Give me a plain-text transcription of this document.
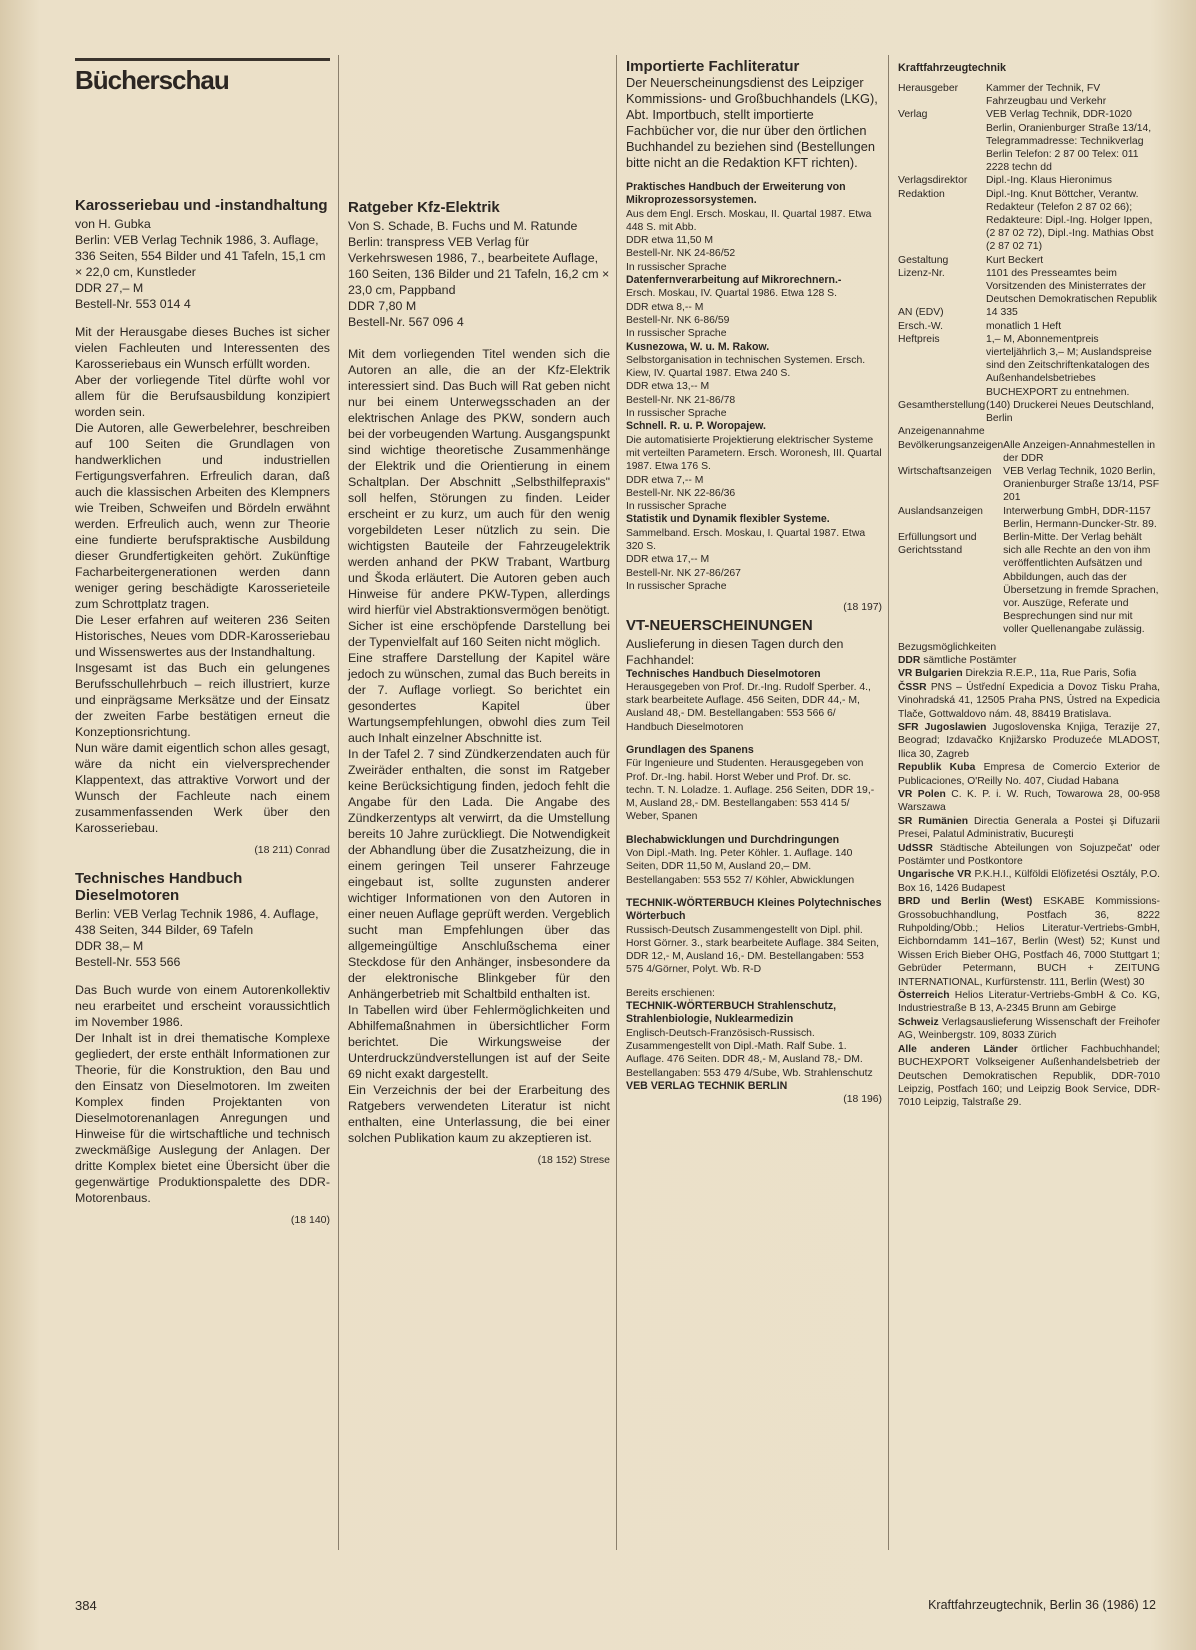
Bücherschau
Karosseriebau und -instandhaltung
von H. Gubka
Berlin: VEB Verlag Technik 1986, 3. Auflage, 336 Seiten, 554 Bilder und 41 Tafeln, 15,1 cm × 22,0 cm, Kunstleder
DDR 27,– M
Bestell-Nr. 553 014 4

Mit der Herausgabe dieses Buches ist sicher vielen Fachleuten und Interessenten des Karosseriebaus ein Wunsch erfüllt worden.

Aber der vorliegende Titel dürfte wohl vor allem für die Berufsausbildung konzipiert worden sein.

Die Autoren, alle Gewerbelehrer, beschreiben auf 100 Seiten die Grundlagen von handwerklichen und industriellen Fertigungsverfahren. Erfreulich daran, daß auch die klassischen Arbeiten des Klempners wie Treiben, Schweifen und Bördeln erwähnt werden. Erfreulich auch, wenn zur Theorie eine fundierte berufspraktische Ausbildung dieser Grundfertigkeiten gehört. Zukünftige Facharbeitergenerationen werden dann weniger gering beschädigte Karosserieteile zum Schrottplatz tragen.

Die Leser erfahren auf weiteren 236 Seiten Historisches, Neues vom DDR-Karosseriebau und Wissenswertes aus der Instandhaltung.

Insgesamt ist das Buch ein gelungenes Berufsschullehrbuch – reich illustriert, kurze und einprägsame Merksätze und der Einsatz der zweiten Farbe bestätigen erneut die Konzeptionsrichtung.

Nun wäre damit eigentlich schon alles gesagt, wäre da nicht ein vielversprechender Klappentext, das attraktive Vorwort und der Wunsch der Fachleute nach einem zusammenfassenden Werk über den Karosseriebau.

(18 211) Conrad
Technisches Handbuch Dieselmotoren
Berlin: VEB Verlag Technik 1986, 4. Auflage, 438 Seiten, 344 Bilder, 69 Tafeln
DDR 38,– M
Bestell-Nr. 553 566

Das Buch wurde von einem Autorenkollektiv neu erarbeitet und erscheint voraussichtlich im November 1986.

Der Inhalt ist in drei thematische Komplexe gegliedert, der erste enthält Informationen zur Theorie, für die Konstruktion, den Bau und den Einsatz von Dieselmotoren. Im zweiten Komplex finden Projektanten von Dieselmotorenanlagen Anregungen und Hinweise für die wirtschaftliche und technisch zweckmäßige Auslegung der Anlagen. Der dritte Komplex bietet eine Übersicht über die gegenwärtige Produktionspalette des DDR-Motorenbaus.

(18 140)
Ratgeber Kfz-Elektrik
Von S. Schade, B. Fuchs und M. Ratunde
Berlin: transpress VEB Verlag für Verkehrswesen 1986, 7., bearbeitete Auflage, 160 Seiten, 136 Bilder und 21 Tafeln, 16,2 cm × 23,0 cm, Pappband
DDR 7,80 M
Bestell-Nr. 567 096 4

Mit dem vorliegenden Titel wenden sich die Autoren an alle, die an der Kfz-Elektrik interessiert sind. Das Buch will Rat geben nicht nur bei einem Unterwegsschaden an der elektrischen Anlage des PKW, sondern auch bei der vorbeugenden Wartung. Ausgangspunkt sind wichtige theoretische Zusammenhänge der Elektrik und die Orientierung in einem Schaltplan. Der Abschnitt „Selbsthilfepraxis" soll helfen, Störungen zu finden. Leider erscheint er zu kurz, um auch für den wenig vorgebildeten Leser nützlich zu sein. Die wichtigsten Bauteile der Fahrzeugelektrik werden anhand der PKW Trabant, Wartburg und Škoda erläutert. Die Autoren geben auch Hinweise für andere PKW-Typen, allerdings wird hierfür viel Abstraktionsvermögen benötigt. Sicher ist eine erschöpfende Darstellung bei der Typenvielfalt auf 160 Seiten nicht möglich.

Eine straffere Darstellung der Kapitel wäre jedoch zu wünschen, zumal das Buch bereits in der 7. Auflage vorliegt. So berichtet ein gesondertes Kapitel über Wartungsempfehlungen, obwohl dies zum Teil auch Inhalt einzelner Abschnitte ist.

In der Tafel 2. 7 sind Zündkerzendaten auch für Zweiräder enthalten, die sonst im Ratgeber keine Berücksichtigung finden, jedoch fehlt die Angabe für den Lada. Die Angabe des Zündkerzentyps alt verwirrt, da die Umstellung bereits 10 Jahre zurückliegt. Die Notwendigkeit der Abhandlung über die Zusatzheizung, die in einem geringen Teil unserer Fahrzeuge eingebaut ist, sollte zugunsten anderer wichtiger Informationen von den Autoren in einer neuen Auflage geprüft werden. Vergeblich sucht man Empfehlungen über das allgemeingültige Anschlußschema einer Steckdose für den Anhänger, insbesondere da der elektronische Blinkgeber für den Anhängerbetrieb mit Schaltbild enthalten ist.

In Tabellen wird über Fehlermöglichkeiten und Abhilfemaßnahmen in übersichtlicher Form berichtet. Die Wirkungsweise der Unterdruckzündverstellungen ist auf der Seite 69 nicht exakt dargestellt.

Ein Verzeichnis der bei der Erarbeitung des Ratgebers verwendeten Literatur ist nicht enthalten, eine Unterlassung, die bei einer solchen Publikation kaum zu akzeptieren ist.

(18 152) Strese
Importierte Fachliteratur
Der Neuerscheinungsdienst des Leipziger Kommissions- und Großbuchhandels (LKG), Abt. Importbuch, stellt importierte Fachbücher vor, die nur über den örtlichen Buchhandel zu beziehen sind (Bestellungen bitte nicht an die Redaktion KFT richten).
Praktisches Handbuch der Erweiterung von Mikroprozessorsystemen.
Aus dem Engl. Ersch. Moskau, II. Quartal 1987. Etwa 448 S. mit Abb.
DDR etwa 11,50 M
Bestell-Nr. NK 24-86/52
In russischer Sprache
Datenfernverarbeitung auf Mikrorechnern.-
Ersch. Moskau, IV. Quartal 1986. Etwa 128 S.
DDR etwa 8,-- M
Bestell-Nr. NK 6-86/59
In russischer Sprache
Kusnezowa, W. u. M. Rakow.
Selbstorganisation in technischen Systemen. Ersch. Kiew, IV. Quartal 1987. Etwa 240 S.
DDR etwa 13,-- M
Bestell-Nr. NK 21-86/78
In russischer Sprache
Schnell. R. u. P. Woropajew.
Die automatisierte Projektierung elektrischer Systeme mit verteilten Parametern. Ersch. Woronesh, III. Quartal 1987. Etwa 176 S.
DDR etwa 7,-- M
Bestell-Nr. NK 22-86/36
In russischer Sprache
Statistik und Dynamik flexibler Systeme.
Sammelband. Ersch. Moskau, I. Quartal 1987. Etwa 320 S.
DDR etwa 17,-- M
Bestell-Nr. NK 27-86/267
In russischer Sprache
(18 197)
VT-NEUERSCHEINUNGEN
Auslieferung in diesen Tagen durch den Fachhandel:
Technisches Handbuch Dieselmotoren
Herausgegeben von Prof. Dr.-Ing. Rudolf Sperber. 4., stark bearbeitete Auflage. 456 Seiten, DDR 44,- M, Ausland 48,- DM. Bestellangaben: 553 566 6/ Handbuch Dieselmotoren
Grundlagen des Spanens
Für Ingenieure und Studenten. Herausgegeben von Prof. Dr.-Ing. habil. Horst Weber und Prof. Dr. sc. techn. T. N. Loladze. 1. Auflage. 256 Seiten, DDR 19,- M, Ausland 28,- DM. Bestellangaben: 553 414 5/ Weber, Spanen
Blechabwicklungen und Durchdringungen
Von Dipl.-Math. Ing. Peter Köhler. 1. Auflage. 140 Seiten, DDR 11,50 M, Ausland 20,– DM. Bestellangaben: 553 552 7/ Köhler, Abwicklungen
TECHNIK-WÖRTERBUCH Kleines Polytechnisches Wörterbuch
Russisch-Deutsch Zusammengestellt von Dipl. phil. Horst Görner. 3., stark bearbeitete Auflage. 384 Seiten, DDR 12,- M, Ausland 16,- DM. Bestellangaben: 553 575 4/Görner, Polyt. Wb. R-D
Bereits erschienen:
TECHNIK-WÖRTERBUCH Strahlenschutz, Strahlenbiologie, Nuklearmedizin
Englisch-Deutsch-Französisch-Russisch. Zusammengestellt von Dipl.-Math. Ralf Sube. 1. Auflage. 476 Seiten. DDR 48,- M, Ausland 78,- DM. Bestellangaben: 553 479 4/Sube, Wb. Strahlenschutz
VEB VERLAG TECHNIK BERLIN
(18 196)
Kraftfahrzeugtechnik
Herausgeber	Kammer der Technik, FV Fahrzeugbau und Verkehr
Verlag	VEB Verlag Technik, DDR-1020 Berlin, Oranienburger Straße 13/14, Telegrammadresse: Technikverlag Berlin Telefon: 2 87 00 Telex: 011 2228 techn dd
Verlagsdirektor	Dipl.-Ing. Klaus Hieronimus
Redaktion	Dipl.-Ing. Knut Böttcher, Verantw. Redakteur (Telefon 2 87 02 66); Redakteure: Dipl.-Ing. Holger Ippen, (2 87 02 72), Dipl.-Ing. Mathias Obst (2 87 02 71)
Gestaltung	Kurt Beckert
Lizenz-Nr.	1101 des Presseamtes beim Vorsitzenden des Ministerrates der Deutschen Demokratischen Republik
AN (EDV)	14 335
Ersch.-W.	monatlich 1 Heft
Heftpreis	1,– M, Abonnementpreis vierteljährlich 3,– M; Auslandspreise sind den Zeitschriftenkatalogen des Außenhandelsbetriebes BUCHEXPORT zu entnehmen.
Gesamtherstellung	(140) Druckerei Neues Deutschland, Berlin
Anzeigenannahme
Bevölkerungsanzeigen	Alle Anzeigen-Annahmestellen in der DDR
Wirtschaftsanzeigen	VEB Verlag Technik, 1020 Berlin, Oranienburger Straße 13/14, PSF 201
Auslandsanzeigen	Interwerbung GmbH, DDR-1157 Berlin, Hermann-Duncker-Str. 89.
Erfüllungsort und Gerichtsstand	Berlin-Mitte. Der Verlag behält sich alle Rechte an den von ihm veröffentlichten Aufsätzen und Abbildungen, auch das der Übersetzung in fremde Sprachen, vor. Auszüge, Referate und Besprechungen sind nur mit voller Quellenangabe zulässig.
Bezugsmöglichkeiten
DDR sämtliche Postämter
VR Bulgarien Direkzia R.E.P., 11a, Rue Paris, Sofia
ČSSR PNS – Ústřední Expedicia a Dovoz Tisku Praha, Vinohradská 41, 12505 Praha PNS, Ústred na Expedicia Tlače, Gottwaldovo nám. 48, 88419 Bratislava.
SFR Jugoslawien Jugoslovenska Knjiga, Terazije 27, Beograd; Izdavačko Knjižarsko Produzeće MLADOST, Ilica 30, Zagreb
Republik Kuba Empresa de Comercio Exterior de Publicaciones, O'Reilly No. 407, Ciudad Habana
VR Polen C. K. P. i. W. Ruch, Towarowa 28, 00-958 Warszawa
SR Rumänien Directia Generala a Postei şi Difuzarii Presei, Palatul Administrativ, Bucureşti
UdSSR Städtische Abteilungen von Sojuzpečat' oder Postämter und Postkontore
Ungarische VR P.K.H.I., Külföldi Elöfizetési Osztály, P.O. Box 16, 1426 Budapest
BRD und Berlin (West) ESKABE Kommissions-Grossobuchhandlung, Postfach 36, 8222 Ruhpolding/Obb.; Helios Literatur-Vertriebs-GmbH, Eichborndamm 141–167, Berlin (West) 52; Kunst und Wissen Erich Bieber OHG, Postfach 46, 7000 Stuttgart 1; Gebrüder Petermann, BUCH + ZEITUNG INTERNATIONAL, Kurfürstenstr. 111, Berlin (West) 30
Österreich Helios Literatur-Vertriebs-GmbH & Co. KG, Industriestraße B 13, A-2345 Brunn am Gebirge
Schweiz Verlagsauslieferung Wissenschaft der Freihofer AG, Weinbergstr. 109, 8033 Zürich
Alle anderen Länder örtlicher Fachbuchhandel; BUCHEXPORT Volkseigener Außenhandelsbetrieb der Deutschen Demokratischen Republik, DDR-7010 Leipzig, Postfach 160; und Leipzig Book Service, DDR-7010 Leipzig, Talstraße 29.
384	Kraftfahrzeugtechnik, Berlin 36 (1986) 12
